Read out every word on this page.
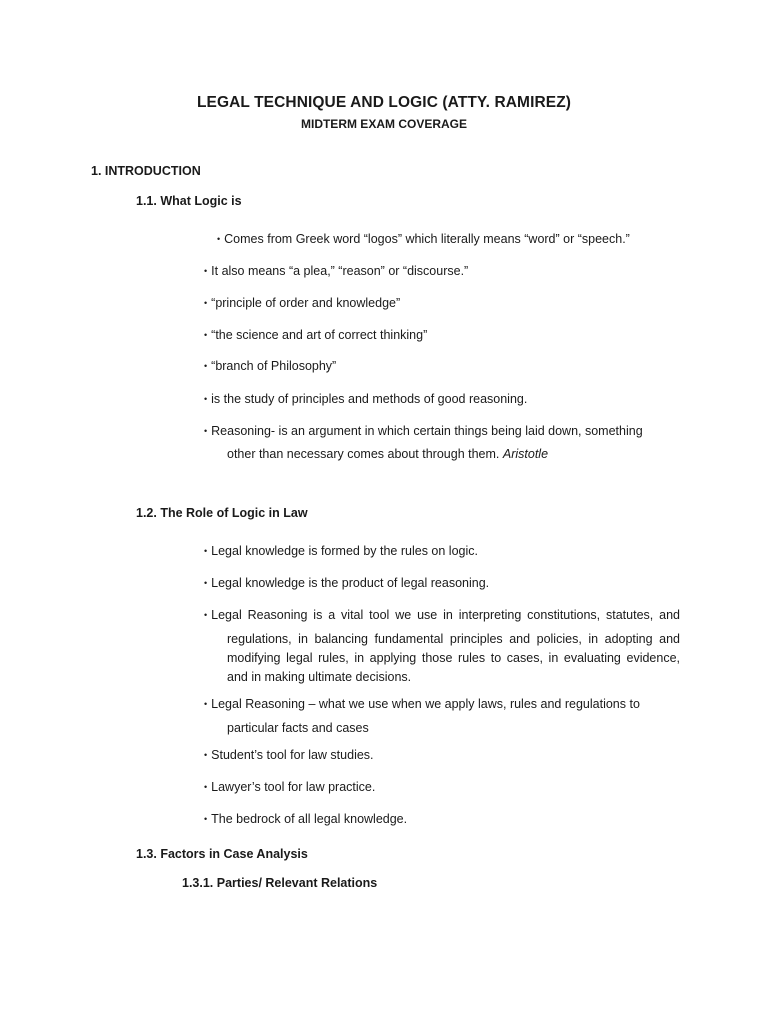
LEGAL TECHNIQUE AND LOGIC (ATTY. RAMIREZ)
MIDTERM EXAM COVERAGE
1. INTRODUCTION
1.1. What Logic is
• Comes from Greek word “logos” which literally means “word” or “speech.”
• It also means “a plea,” “reason” or “discourse.”
• “principle of order and knowledge”
• “the science and art of correct thinking”
• “branch of Philosophy”
• is the study of principles and methods of good reasoning.
• Reasoning- is an argument in which certain things being laid down, something
other than necessary comes about through them. Aristotle
1.2. The Role of Logic in Law
• Legal knowledge is formed by the rules on logic.
• Legal knowledge is the product of legal reasoning.
• Legal Reasoning is a vital tool we use in interpreting constitutions, statutes, and
regulations, in balancing fundamental principles and policies, in adopting and
modifying legal rules, in applying those rules to cases, in evaluating evidence,
and in making ultimate decisions.
• Legal Reasoning – what we use when we apply laws, rules and regulations to
particular facts and cases
• Student’s tool for law studies.
• Lawyer’s tool for law practice.
• The bedrock of all legal knowledge.
1.3. Factors in Case Analysis
1.3.1. Parties/ Relevant Relations
